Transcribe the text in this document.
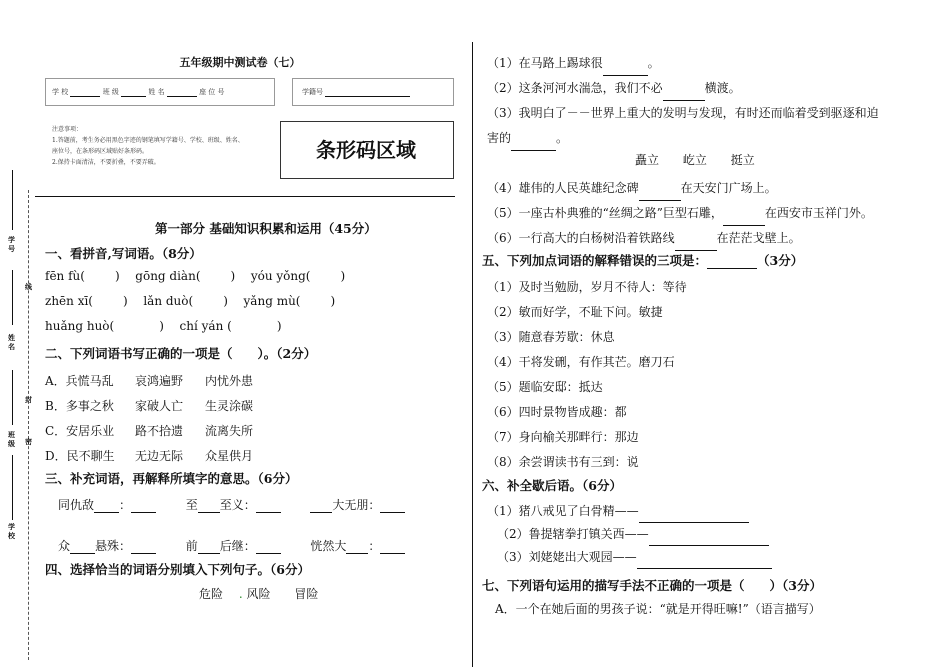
学号
线
姓名
封
班级 密
学校
五年级期中测试卷（七）
学 校	班 级	姓 名	座 位 号	学籍号
注意事项：
1.答题前，考生务必用黑色字迹的钢笔填写学籍号、学校、班级、姓名、
座位号，在条形码区域贴好条形码。
2.保持卡面清洁，不要折叠，不要弄破。
条形码区域
第一部分 基础知识积累和运用（45分）
一、看拼音,写词语。（8分）
fēn fù(	) gōng diàn(	) yóu yǒng(	)
zhēn xī(	) lǎn duò(	) yǎng mù(	)
huǎng huò(	) chí yán (	)
二、下列词语书写正确的一项是（　　）。（2分）
A．兵慌马乱 哀鸿遍野 内忧外患
B．多事之秋 家破人亡 生灵涂碳
C．安居乐业 路不拾遗 流离失所
D．民不聊生 无边无际 众星供月
三、补充词语，再解释所填字的意思。（6分）
同仇敌 ：	至 至义：	大无朋：
众 悬殊：	前 后继：	恍然大 ：
四、选择恰当的词语分别填入下列句子。（6分）
危险 . 风险 冒险
（1）在马路上踢球很	。
（2）这条河河水湍急，我们不必	横渡。
（3）我明白了－－世界上重大的发明与发现，有时还而临着受到驱逐和迫
害的	。
矗立 屹立 挺立
（4）雄伟的人民英雄纪念碑	在天安门广场上。
（5）一座古朴典雅的“丝绸之路”巨型石雕，	在西安市玉祥门外。
（6）一行高大的白杨树沿着铁路线	在茫茫戈壁上。
五、下列加点词语的解释错误的三项是：	（3分）
（1）及时当勉励，岁月不待人：等待
（2）敏而好学，不耻下问。敏捷
（3）随意春芳歇：休息
（4）干将发硎，有作其芒。磨刀石
（5）题临安邸：抵达
（6）四时景物皆成趣：都
（7）身向榆关那畔行：那边
（8）余尝谓读书有三到：说
六、补全歇后语。（6分）
（1）猪八戒见了白骨精——
（2）鲁提辖拳打镇关西——
（3）刘姥姥出大观园——
七、下列语句运用的描写手法不正确的一项是（　　）（3分）
A．一个在她后面的男孩子说：“就是开得旺嘛!”（语言描写）
